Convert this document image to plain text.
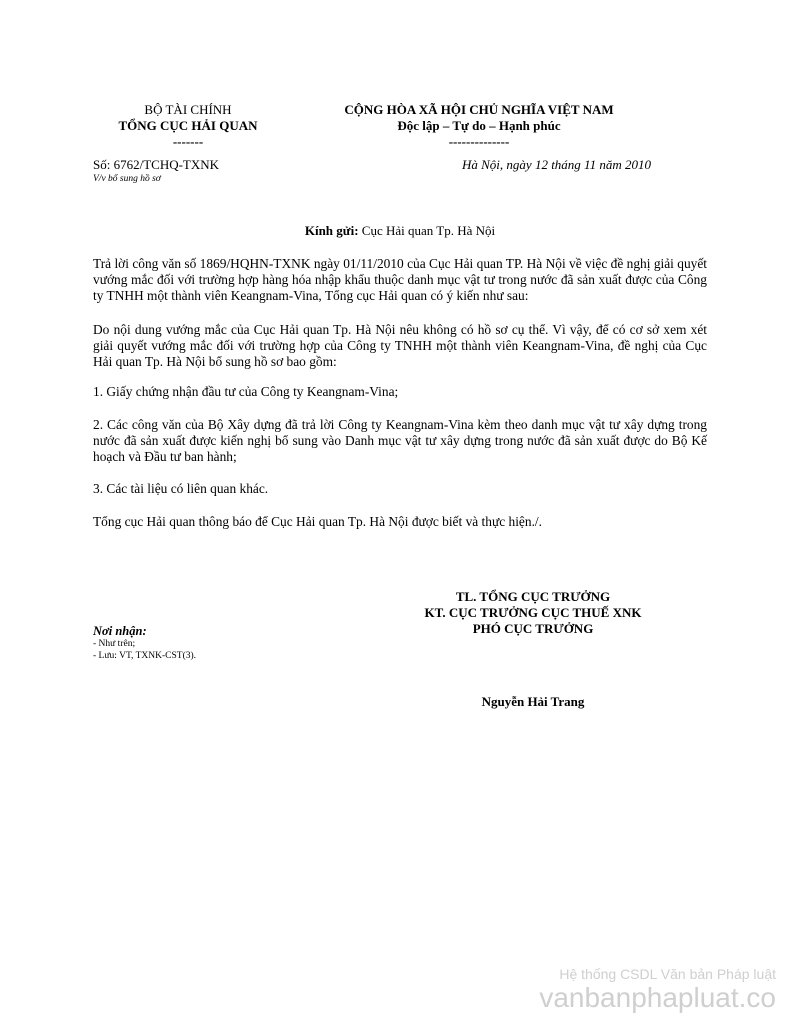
BỘ TÀI CHÍNH
TỔNG CỤC HẢI QUAN
-------
CỘNG HÒA XÃ HỘI CHỦ NGHĨA VIỆT NAM
Độc lập – Tự do – Hạnh phúc
--------------
Số: 6762/TCHQ-TXNK
V/v bổ sung hồ sơ
Hà Nội, ngày 12 tháng 11 năm 2010
Kính gửi: Cục Hải quan Tp. Hà Nội
Trả lời công văn số 1869/HQHN-TXNK ngày 01/11/2010 của Cục Hải quan TP. Hà Nội về việc đề nghị giải quyết vướng mắc đối với trường hợp hàng hóa nhập khẩu thuộc danh mục vật tư trong nước đã sản xuất được của Công ty TNHH một thành viên Keangnam-Vina, Tổng cục Hải quan có ý kiến như sau:
Do nội dung vướng mắc của Cục Hải quan Tp. Hà Nội nêu không có hồ sơ cụ thể. Vì vậy, để có cơ sở xem xét giải quyết vướng mắc đối với trường hợp của Công ty TNHH một thành viên Keangnam-Vina, đề nghị của Cục Hải quan Tp. Hà Nội bổ sung hồ sơ bao gồm:
1. Giấy chứng nhận đầu tư của Công ty Keangnam-Vina;
2. Các công văn của Bộ Xây dựng đã trả lời Công ty Keangnam-Vina kèm theo danh mục vật tư xây dựng trong nước đã sản xuất được kiến nghị bổ sung vào Danh mục vật tư xây dựng trong nước đã sản xuất được do Bộ Kế hoạch và Đầu tư ban hành;
3. Các tài liệu có liên quan khác.
Tổng cục Hải quan thông báo để Cục Hải quan Tp. Hà Nội được biết và thực hiện./.
TL. TỔNG CỤC TRƯỞNG
KT. CỤC TRƯỞNG CỤC THUẾ XNK
PHÓ CỤC TRƯỞNG
Nguyễn Hải Trang
Nơi nhận:
- Như trên;
- Lưu: VT, TXNK-CST(3).
Hệ thống CSDL Văn bản Pháp luật
vanbanphapluat.co
